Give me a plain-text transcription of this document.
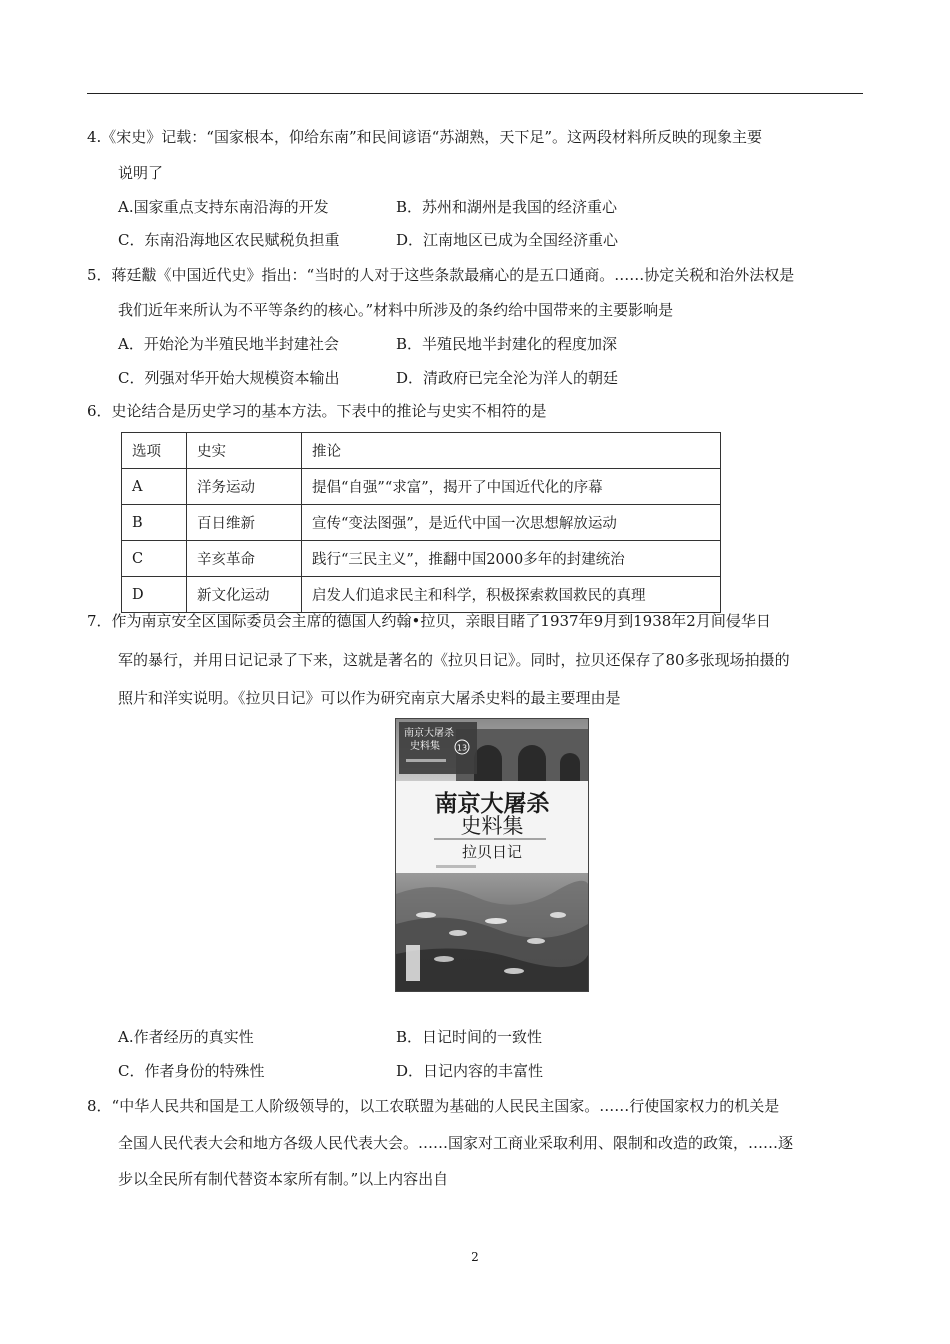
4.《宋史》记载：“国家根本，仰给东南”和民间谚语“苏湖熟，天下足”。这两段材料所反映的现象主要
说明了
A.国家重点支持东南沿海的开发	B．苏州和湖州是我国的经济重心
C．东南沿海地区农民赋税负担重	D．江南地区已成为全国经济重心
5．蒋廷黻《中国近代史》指出：“当时的人对于这些条款最痛心的是五口通商。……协定关税和治外法权是
我们近年来所认为不平等条约的核心。”材料中所涉及的条约给中国带来的主要影响是
A．开始沦为半殖民地半封建社会	B．半殖民地半封建化的程度加深
C．列强对华开始大规模资本输出	D．清政府已完全沦为洋人的朝廷
6．史论结合是历史学习的基本方法。下表中的推论与史实不相符的是
选项	史实	推论
A	洋务运动	提倡“自强”“求富”，揭开了中国近代化的序幕
B	百日维新	宣传“变法图强”，是近代中国一次思想解放运动
C	辛亥革命	践行“三民主义”，推翻中国2000多年的封建统治
D	新文化运动	启发人们追求民主和科学，积极探索救国救民的真理
7．作为南京安全区国际委员会主席的德国人约翰•拉贝，亲眼目睹了1937年9月到1938年2月间侵华日
军的暴行，并用日记记录了下来，这就是著名的《拉贝日记》。同时，拉贝还保存了80多张现场拍摄的
照片和洋实说明。《拉贝日记》可以作为研究南京大屠杀史料的最主要理由是
南京大屠杀
史料集 13
南京大屠杀
史料集
拉贝日记
A.作者经历的真实性	B．日记时间的一致性
C．作者身份的特殊性	D．日记内容的丰富性
8．“中华人民共和国是工人阶级领导的，以工农联盟为基础的人民民主国家。……行使国家权力的机关是
全国人民代表大会和地方各级人民代表大会。……国家对工商业采取利用、限制和改造的政策，……逐
步以全民所有制代替资本家所有制。”以上内容出自
2
